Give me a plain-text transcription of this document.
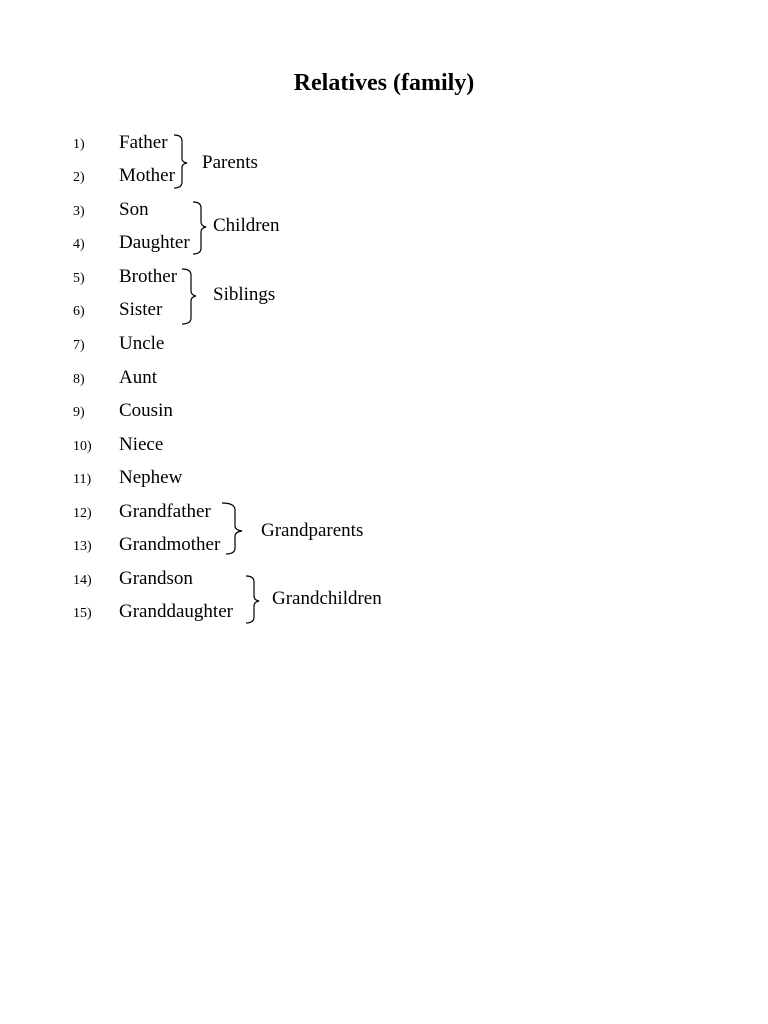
Relatives (family)
1) Father
2) Mother
3) Son
4) Daughter
5) Brother
6) Sister
7) Uncle
8) Aunt
9) Cousin
10) Niece
11) Nephew
12) Grandfather
13) Grandmother
14) Grandson
15) Granddaughter
Parents
Children
Siblings
Grandparents
Grandchildren
